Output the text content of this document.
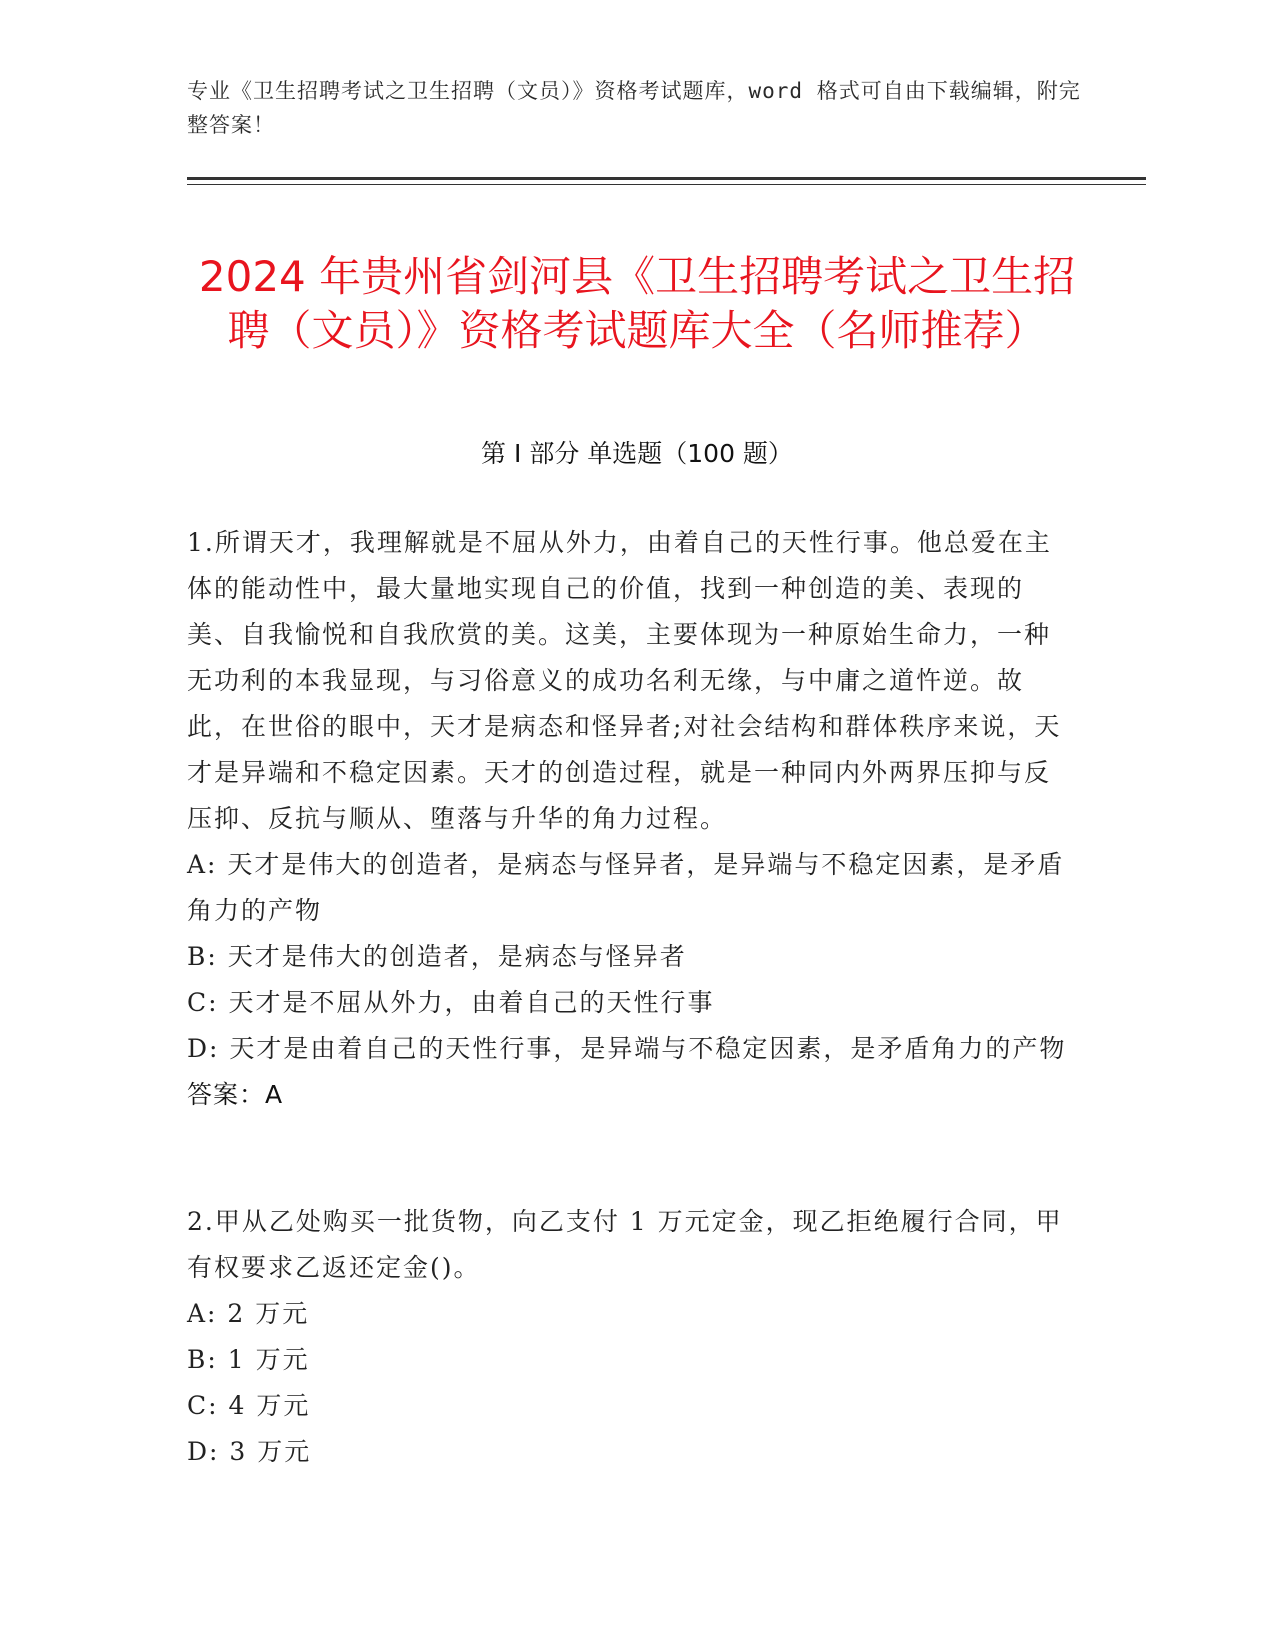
专业《卫生招聘考试之卫生招聘（文员）》资格考试题库，word 格式可自由下载编辑，附完整答案！
2024 年贵州省剑河县《卫生招聘考试之卫生招聘（文员）》资格考试题库大全（名师推荐）
第 I 部分 单选题（100 题）

1.所谓天才，我理解就是不屈从外力，由着自己的天性行事。他总爱在主体的能动性中，最大量地实现自己的价值，找到一种创造的美、表现的美、自我愉悦和自我欣赏的美。这美，主要体现为一种原始生命力，一种无功利的本我显现，与习俗意义的成功名利无缘，与中庸之道忤逆。故此，在世俗的眼中，天才是病态和怪异者;对社会结构和群体秩序来说，天才是异端和不稳定因素。天才的创造过程，就是一种同内外两界压抑与反压抑、反抗与顺从、堕落与升华的角力过程。

A: 天才是伟大的创造者，是病态与怪异者，是异端与不稳定因素，是矛盾角力的产物

B: 天才是伟大的创造者，是病态与怪异者

C: 天才是不屈从外力，由着自己的天性行事

D: 天才是由着自己的天性行事，是异端与不稳定因素，是矛盾角力的产物

答案：A

2.甲从乙处购买一批货物，向乙支付 1 万元定金，现乙拒绝履行合同，甲有权要求乙返还定金()。

A: 2 万元

B: 1 万元

C: 4 万元

D: 3 万元
